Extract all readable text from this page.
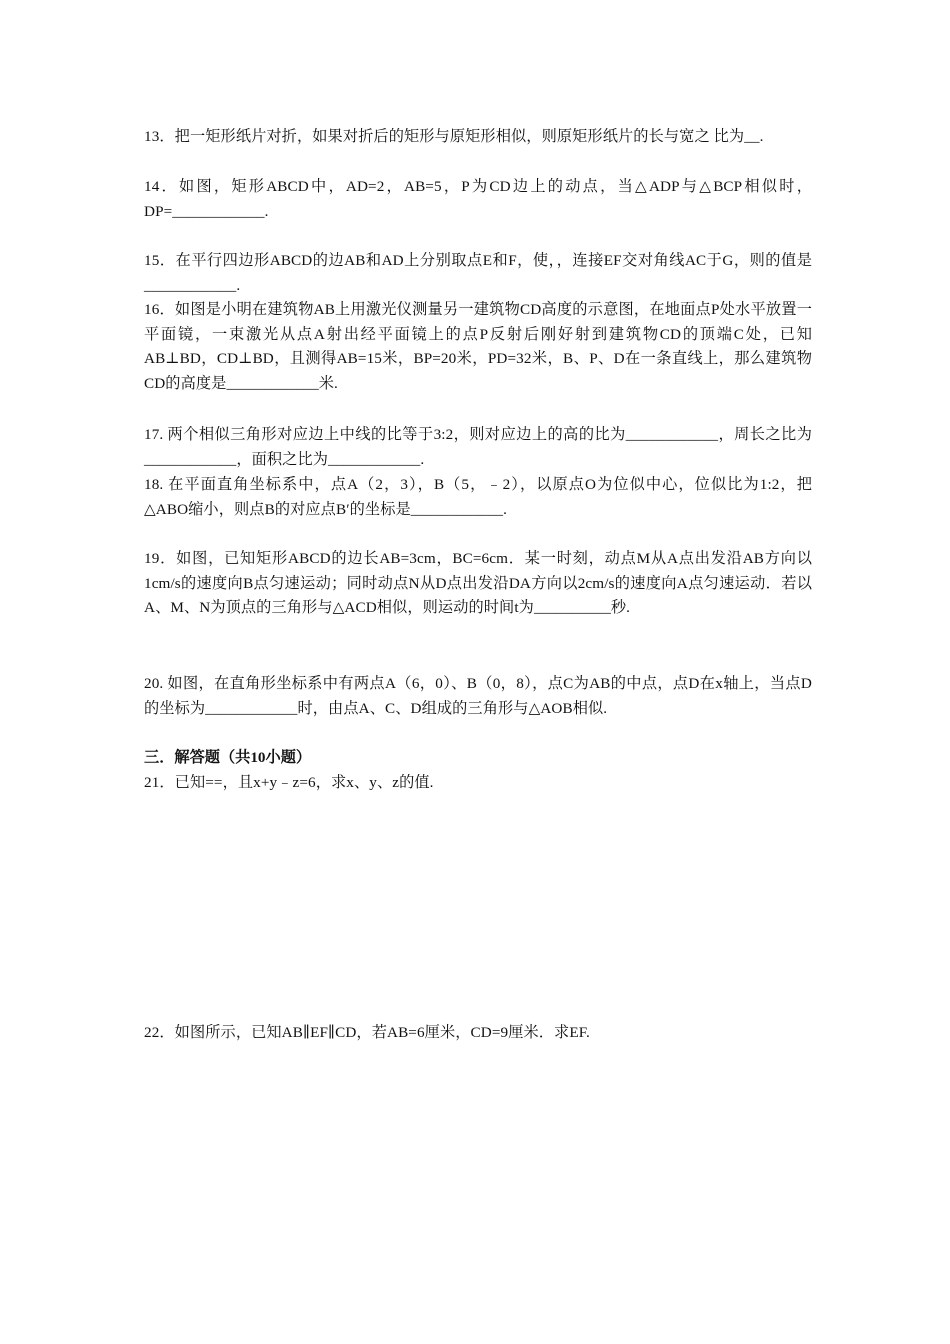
13．把一矩形纸片对折，如果对折后的矩形与原矩形相似，则原矩形纸片的长与宽之 比为__.

14．如图，矩形ABCD中，AD=2，AB=5，P为CD边上的动点，当△ADP与△BCP相似时，DP=____________.

15．在平行四边形ABCD的边AB和AD上分别取点E和F，使，，连接EF交对角线AC于G，则的值是____________.

16．如图是小明在建筑物AB上用激光仪测量另一建筑物CD高度的示意图，在地面点P处水平放置一平面镜，一束激光从点A射出经平面镜上的点P反射后刚好射到建筑物CD的顶端C处，已知AB⊥BD，CD⊥BD，且测得AB=15米，BP=20米，PD=32米，B、P、D在一条直线上，那么建筑物CD的高度是____________米.

17. 两个相似三角形对应边上中线的比等于3:2，则对应边上的高的比为____________，周长之比为____________，面积之比为____________.

18. 在平面直角坐标系中，点A（2，3），B（5，﹣2），以原点O为位似中心，位似比为1:2，把△ABO缩小，则点B的对应点B′的坐标是____________.

19．如图，已知矩形ABCD的边长AB=3cm，BC=6cm．某一时刻，动点M从A点出发沿AB方向以1cm/s的速度向B点匀速运动；同时动点N从D点出发沿DA方向以2cm/s的速度向A点匀速运动．若以A、M、N为顶点的三角形与△ACD相似，则运动的时间t为__________秒.

20. 如图，在直角形坐标系中有两点A（6，0）、B（0，8），点C为AB的中点，点D在x轴上，当点D的坐标为____________时，由点A、C、D组成的三角形与△AOB相似.

三．解答题（共10小题）

21．已知==，且x+y﹣z=6，求x、y、z的值.

22．如图所示，已知AB∥EF∥CD，若AB=6厘米，CD=9厘米．求EF.
